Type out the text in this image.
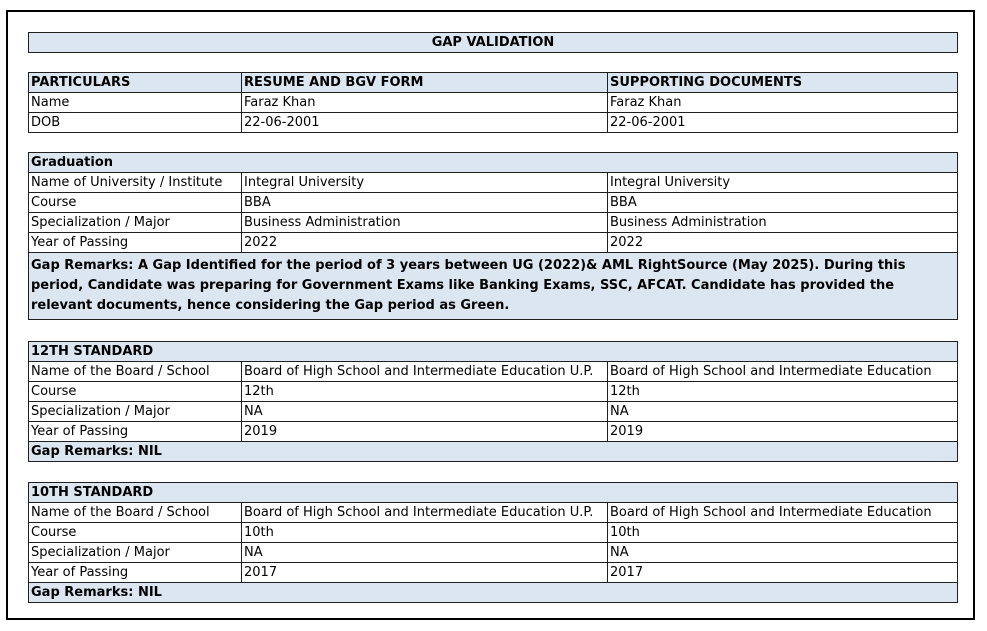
GAP VALIDATION
PARTICULARS	RESUME AND BGV FORM	SUPPORTING DOCUMENTS
Name	Faraz Khan	Faraz Khan
DOB	22-06-2001	22-06-2001
Graduation		
Name of University / Institute	Integral University	Integral University
Course	BBA	BBA
Specialization / Major	Business Administration	Business Administration
Year of Passing	2022	2022
Gap Remarks: A Gap Identified for the period of 3 years between UG (2022)& AML RightSource (May 2025). During this period, Candidate was preparing for Government Exams like Banking Exams, SSC, AFCAT. Candidate has provided the relevant documents, hence considering the Gap period as Green.		
12TH STANDARD		
Name of the Board / School	Board of High School and Intermediate Education U.P.	Board of High School and Intermediate Education
Course	12th	12th
Specialization / Major	NA	NA
Year of Passing	2019	2019
Gap Remarks: NIL		
10TH STANDARD		
Name of the Board / School	Board of High School and Intermediate Education U.P.	Board of High School and Intermediate Education
Course	10th	10th
Specialization / Major	NA	NA
Year of Passing	2017	2017
Gap Remarks: NIL		
